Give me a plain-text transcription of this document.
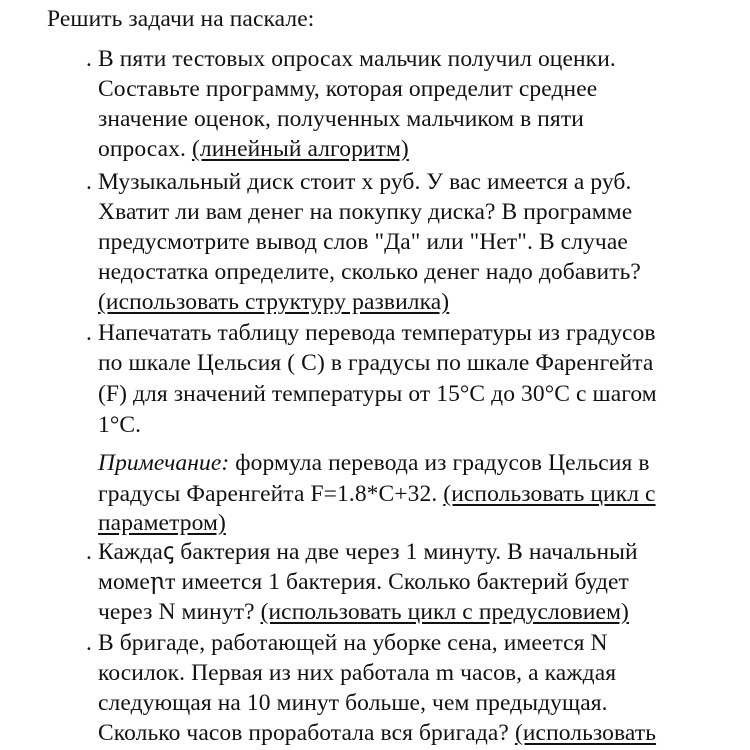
Решить задачи на паскале:
. В пяти тестовых опросах мальчик получил оценки.
Составьте программу, которая определит среднее
значение оценок, полученных мальчиком в пяти
опросах. (линейный алгоритм)
. Музыкальный диск стоит х руб. У вас имеется а руб.
Хватит ли вам денег на покупку диска? В программе
предусмотрите вывод слов "Да" или "Нет". В случае
недостатка определите, сколько денег надо добавить?
(использовать структуру развилка)
. Напечатать таблицу перевода температуры из градусов
по шкале Цельсия ( С) в градусы по шкале Фаренгейта
(F) для значений температуры от 15°С до 30°С с шагом
1°С.
Примечание: формула перевода из градусов Цельсия в
градусы Фаренгейта F=1.8*C+32. (использовать цикл с
параметром)
. Каждаꞔ бактерия на две через 1 минуту. В начальный
момеꞃт имеется 1 бактерия. Сколько бактерий будет
через N минут? (использовать цикл с предусловием)
. В бригаде, работающей на уборке сена, имеется N
косилок. Первая из них работала m часов, а каждая
следующая на 10 минут больше, чем предыдущая.
Сколько часов проработала вся бригада? (использовать
